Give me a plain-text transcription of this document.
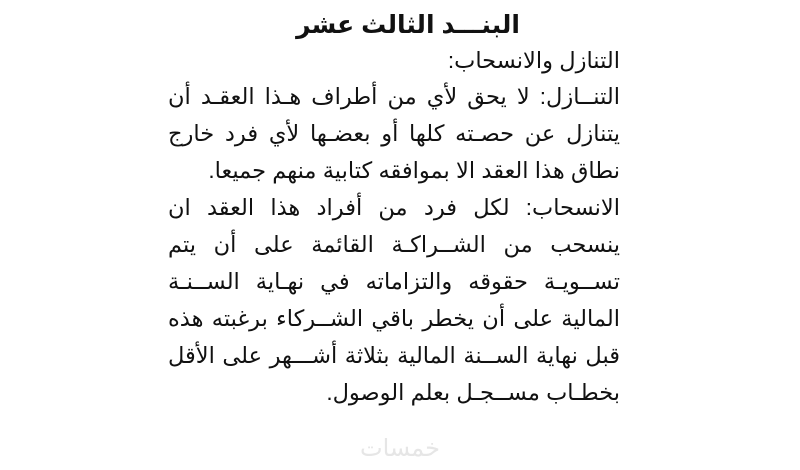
البنـــد الثالث عشر
التنازل والانسحاب:

التنــازل: لا يحق لأي من أطراف هـذا العقـد أن يتنازل عن حصـته كلها أو بعضـها لأي فرد خارج نطاق هذا العقد الا بموافقه كتابية منهم جميعا.

الانسحاب: لكل فرد من أفراد هذا العقد ان ينسحب من الشــراكـة القائمة على أن يتم تســويـة حقوقه والتزاماته في نهـاية الســنـة المالية على أن يخطر باقي الشــركاء برغبته هذه قبل نهاية الســنة المالية بثلاثة أشـــهر على الأقل بخطـاب مســجـل بعلم الوصول.

خمسات
